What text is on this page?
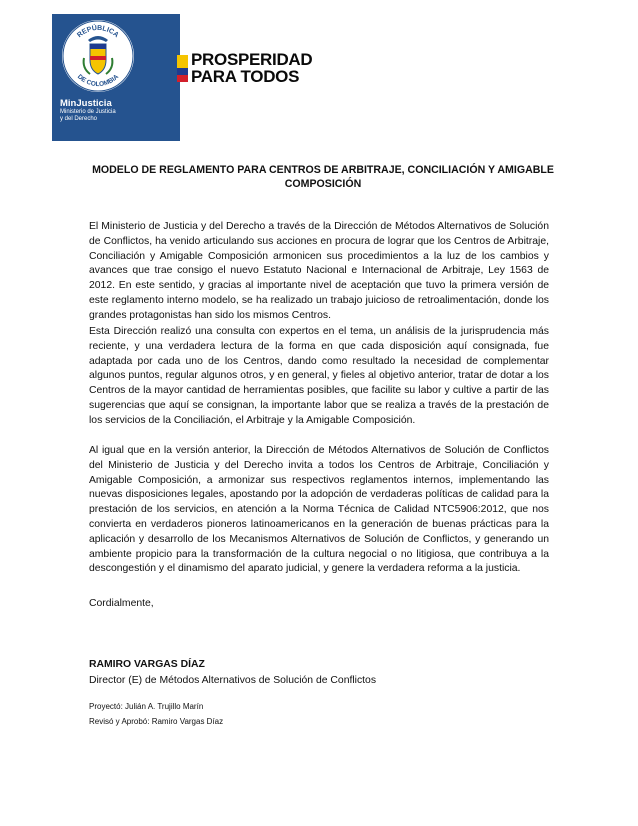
REPÚBLICA
DE COLOMBIA
MinJusticia
Ministerio de Justicia
y del Derecho
PROSPERIDAD
PARA TODOS
MODELO DE REGLAMENTO PARA CENTROS DE ARBITRAJE, CONCILIACIÓN Y AMIGABLE
COMPOSICIÓN

El Ministerio de Justicia y del Derecho a través de la Dirección de Métodos Alternativos de Solución de Conflictos, ha venido articulando sus acciones en procura de lograr que los Centros de Arbitraje, Conciliación y Amigable Composición armonicen sus procedimientos a la luz de los cambios y avances que trae consigo el nuevo Estatuto Nacional e Internacional de Arbitraje, Ley 1563 de 2012. En este sentido, y gracias al importante nivel de aceptación que tuvo la primera versión de este reglamento interno modelo, se ha realizado un trabajo juicioso de retroalimentación, donde los grandes protagonistas han sido los mismos Centros.

Esta Dirección realizó una consulta con expertos en el tema, un análisis de la jurisprudencia más reciente, y una verdadera lectura de la forma en que cada disposición aquí consignada, fue adaptada por cada uno de los Centros, dando como resultado la necesidad de complementar algunos puntos, regular algunos otros, y en general, y fieles al objetivo anterior, tratar de dotar a los Centros de la mayor cantidad de herramientas posibles, que facilite su labor y cultive a partir de las sugerencias que aquí se consignan, la importante labor que se realiza a través de la prestación de los servicios de la Conciliación, el Arbitraje y la Amigable Composición.

Al igual que en la versión anterior, la Dirección de Métodos Alternativos de Solución de Conflictos del Ministerio de Justicia y del Derecho invita a todos los Centros de Arbitraje, Conciliación y Amigable Composición, a armonizar sus respectivos reglamentos internos, implementando las nuevas disposiciones legales, apostando por la adopción de verdaderas políticas de calidad para la prestación de los servicios, en atención a la Norma Técnica de Calidad NTC5906:2012, que nos convierta en verdaderos pioneros latinoamericanos en la generación de buenas prácticas para la aplicación y desarrollo de los Mecanismos Alternativos de Solución de Conflictos, y generando un ambiente propicio para la transformación de la cultura negocial o no litigiosa, que contribuya a la descongestión y el dinamismo del aparato judicial, y genere la verdadera reforma a la justicia.

Cordialmente,

RAMIRO VARGAS DÍAZ
Director (E) de Métodos Alternativos de Solución de Conflictos
Proyectó: Julián A. Trujillo Marín
Revisó y Aprobó: Ramiro Vargas Díaz
